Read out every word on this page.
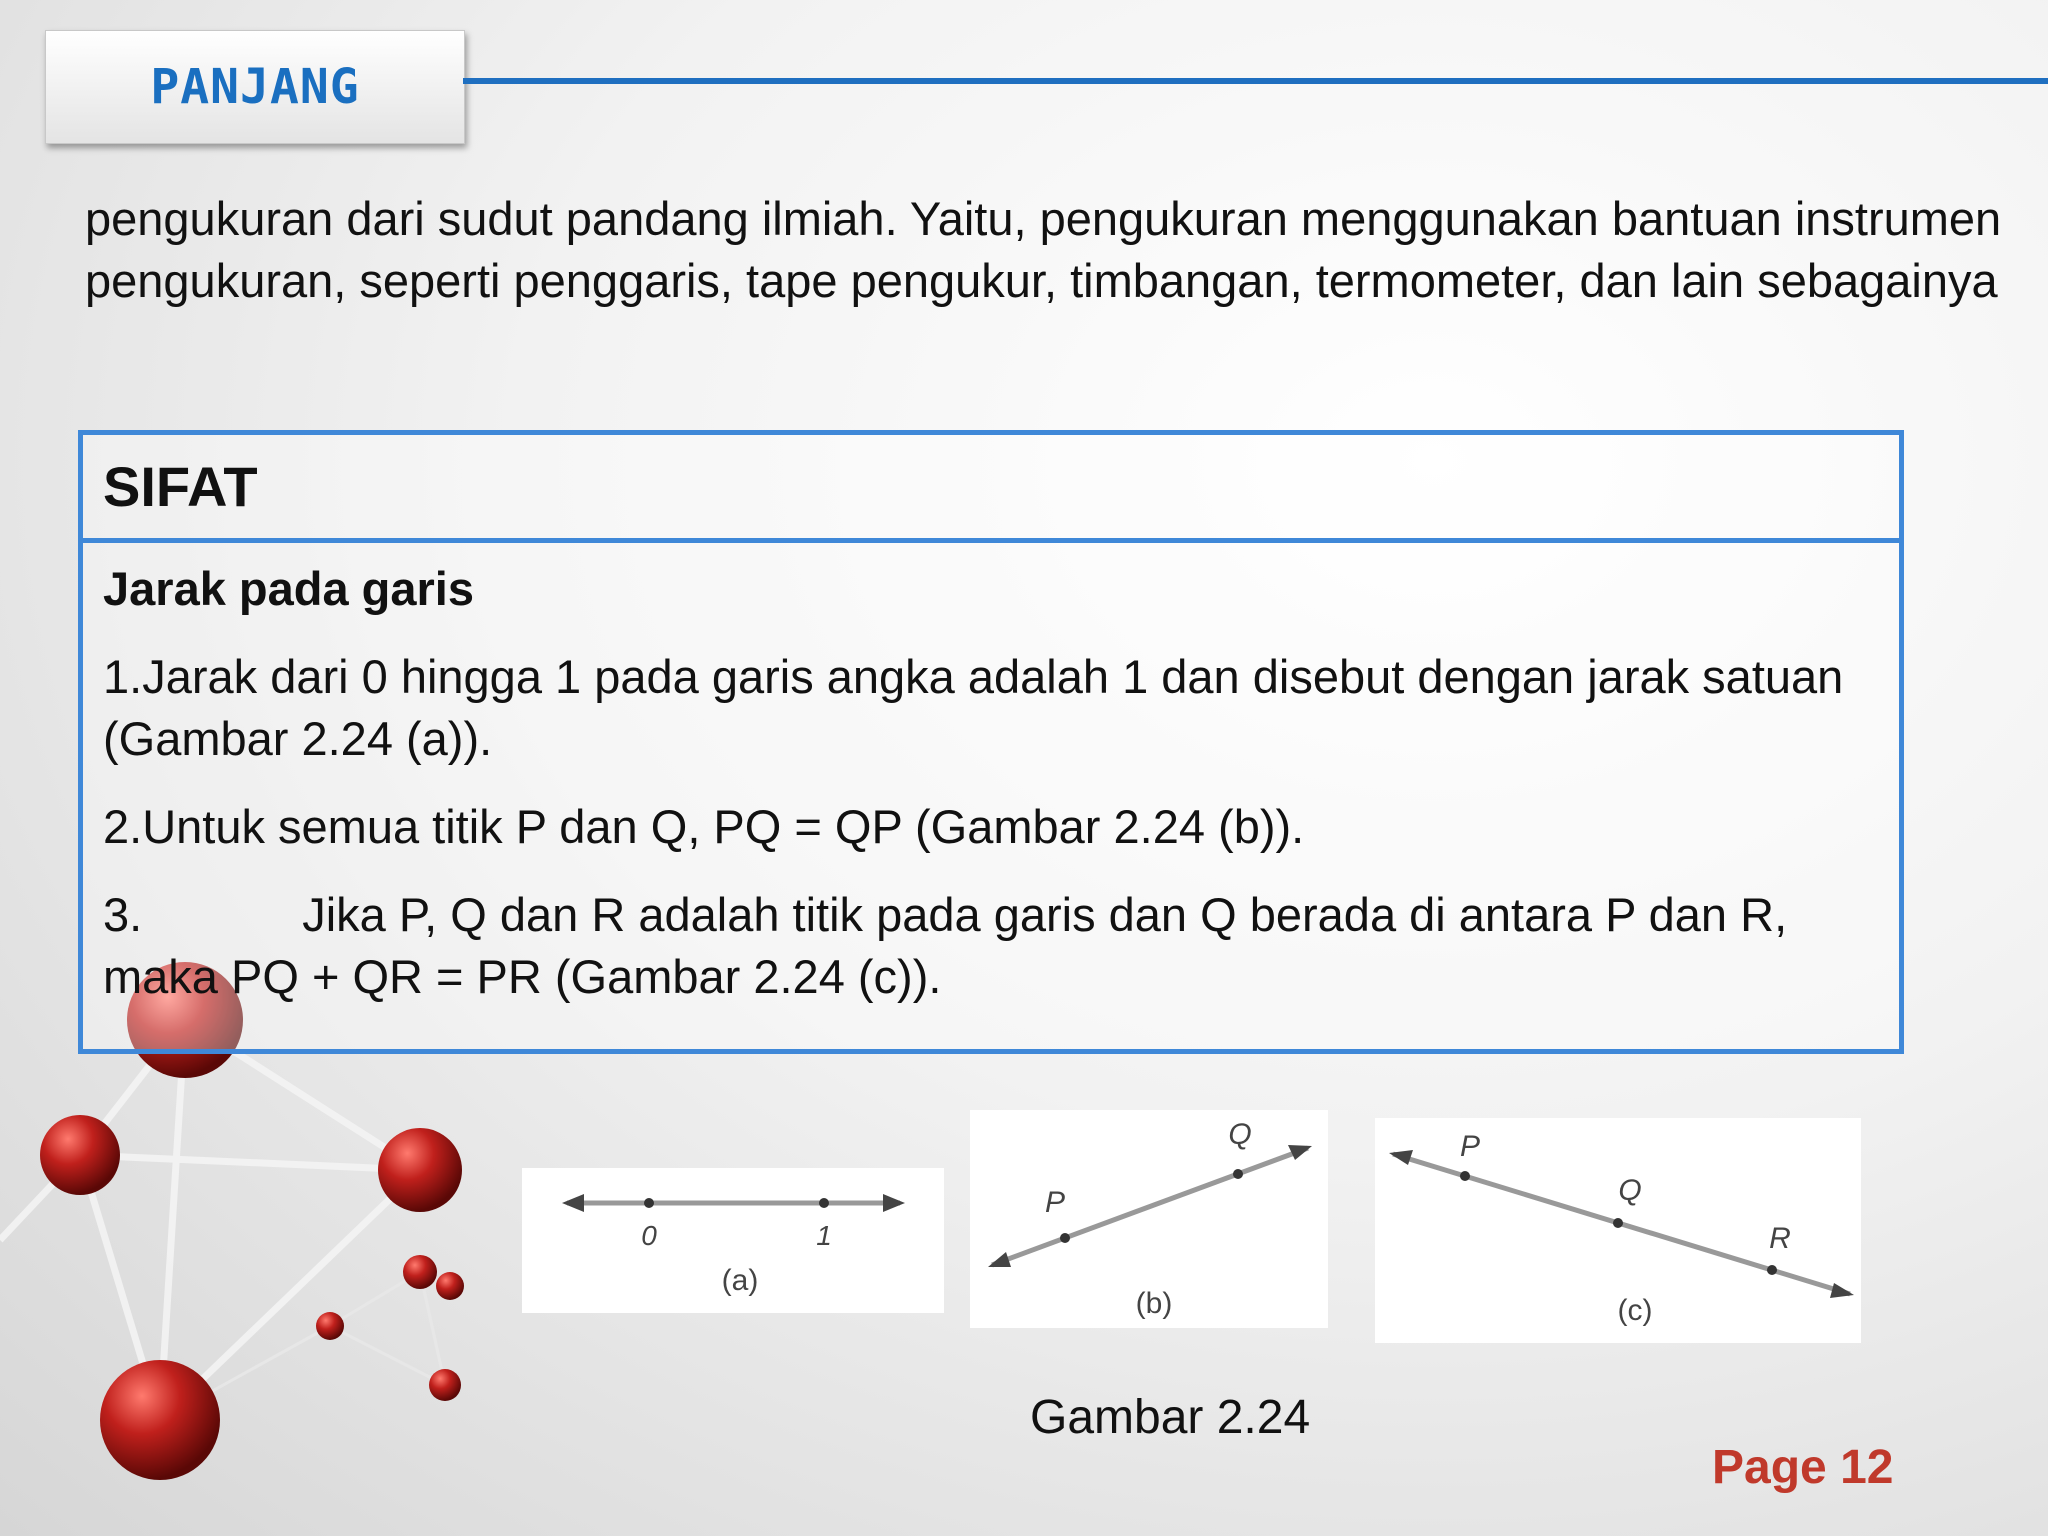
PANJANG
pengukuran dari sudut pandang ilmiah. Yaitu, pengukuran menggunakan bantuan instrumen pengukuran, seperti penggaris, tape pengukur, timbangan, termometer, dan lain sebagainya
SIFAT
Jarak pada garis
1.Jarak dari 0 hingga 1 pada garis angka adalah 1 dan disebut dengan jarak satuan (Gambar 2.24 (a)).
2.Untuk semua titik P dan Q, PQ = QP (Gambar 2.24 (b)).
3.	Jika P, Q dan R adalah titik pada garis dan Q berada di antara P dan R, maka PQ + QR = PR (Gambar 2.24 (c)).
0	1
(a)
P
Q
(b)
P
Q
R
(c)
Gambar 2.24
Page 12
